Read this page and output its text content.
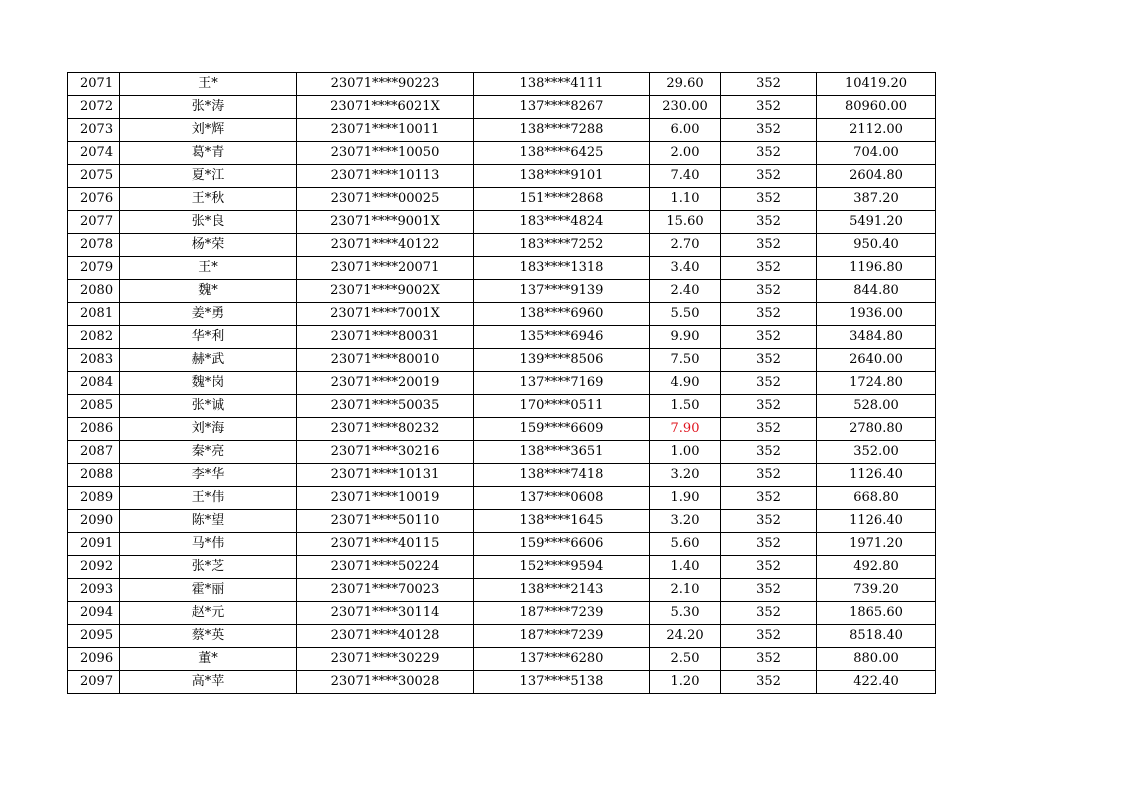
2071	王*	23071****90223	138****4111	29.60	352	10419.20
2072	张*涛	23071****6021X	137****8267	230.00	352	80960.00
2073	刘*辉	23071****10011	138****7288	6.00	352	2112.00
2074	葛*青	23071****10050	138****6425	2.00	352	704.00
2075	夏*江	23071****10113	138****9101	7.40	352	2604.80
2076	王*秋	23071****00025	151****2868	1.10	352	387.20
2077	张*良	23071****9001X	183****4824	15.60	352	5491.20
2078	杨*荣	23071****40122	183****7252	2.70	352	950.40
2079	王*	23071****20071	183****1318	3.40	352	1196.80
2080	魏*	23071****9002X	137****9139	2.40	352	844.80
2081	姜*勇	23071****7001X	138****6960	5.50	352	1936.00
2082	华*利	23071****80031	135****6946	9.90	352	3484.80
2083	赫*武	23071****80010	139****8506	7.50	352	2640.00
2084	魏*岗	23071****20019	137****7169	4.90	352	1724.80
2085	张*诚	23071****50035	170****0511	1.50	352	528.00
2086	刘*海	23071****80232	159****6609	7.90	352	2780.80
2087	秦*亮	23071****30216	138****3651	1.00	352	352.00
2088	李*华	23071****10131	138****7418	3.20	352	1126.40
2089	王*伟	23071****10019	137****0608	1.90	352	668.80
2090	陈*望	23071****50110	138****1645	3.20	352	1126.40
2091	马*伟	23071****40115	159****6606	5.60	352	1971.20
2092	张*芝	23071****50224	152****9594	1.40	352	492.80
2093	霍*丽	23071****70023	138****2143	2.10	352	739.20
2094	赵*元	23071****30114	187****7239	5.30	352	1865.60
2095	蔡*英	23071****40128	187****7239	24.20	352	8518.40
2096	董*	23071****30229	137****6280	2.50	352	880.00
2097	高*苹	23071****30028	137****5138	1.20	352	422.40
